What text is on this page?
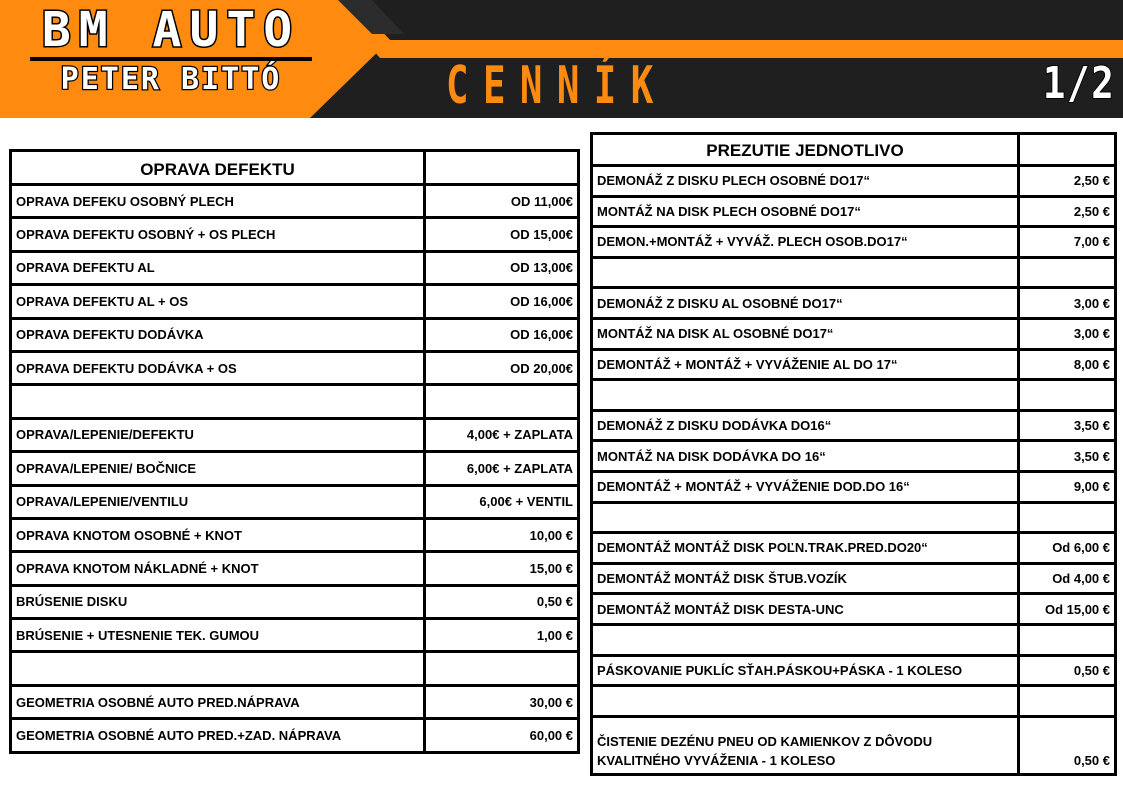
BM AUTO
PETER BITTÓ	CENNÍK	1/2
OPRAVA DEFEKTU	
OPRAVA DEFEKU OSOBNÝ PLECH	OD 11,00€
OPRAVA DEFEKTU OSOBNÝ + OS PLECH	OD 15,00€
OPRAVA DEFEKTU AL	OD 13,00€
OPRAVA DEFEKTU AL + OS	OD 16,00€
OPRAVA DEFEKTU DODÁVKA	OD 16,00€
OPRAVA DEFEKTU DODÁVKA + OS	OD 20,00€

OPRAVA/LEPENIE/DEFEKTU	4,00€ + ZAPLATA
OPRAVA/LEPENIE/ BOČNICE	6,00€ + ZAPLATA
OPRAVA/LEPENIE/VENTILU	6,00€ + VENTIL
OPRAVA KNOTOM OSOBNÉ + KNOT	10,00 €
OPRAVA KNOTOM NÁKLADNÉ + KNOT	15,00 €
BRÚSENIE DISKU	0,50 €
BRÚSENIE + UTESNENIE TEK. GUMOU	1,00 €

GEOMETRIA OSOBNÉ AUTO PRED.NÁPRAVA	30,00 €
GEOMETRIA OSOBNÉ AUTO PRED.+ZAD. NÁPRAVA	60,00 €
PREZUTIE JEDNOTLIVO	
DEMONÁŽ Z DISKU PLECH OSOBNÉ DO17“	2,50 €
MONTÁŽ NA DISK PLECH OSOBNÉ DO17“	2,50 €
DEMON.+MONTÁŽ + VYVÁŽ. PLECH OSOB.DO17“	7,00 €

DEMONÁŽ Z DISKU AL OSOBNÉ DO17“	3,00 €
MONTÁŽ NA DISK AL OSOBNÉ DO17“	3,00 €
DEMONTÁŽ + MONTÁŽ + VYVÁŽENIE AL DO 17“	8,00 €

DEMONÁŽ Z DISKU DODÁVKA DO16“	3,50 €
MONTÁŽ NA DISK DODÁVKA DO 16“	3,50 €
DEMONTÁŽ + MONTÁŽ + VYVÁŽENIE DOD.DO 16“	9,00 €

DEMONTÁŽ MONTÁŽ DISK POĽN.TRAK.PRED.DO20“	Od 6,00 €
DEMONTÁŽ MONTÁŽ DISK ŠTUB.VOZÍK	Od 4,00 €
DEMONTÁŽ MONTÁŽ DISK DESTA-UNC	Od 15,00 €

PÁSKOVANIE PUKLÍC SŤAH.PÁSKOU+PÁSKA - 1 KOLESO	0,50 €

ČISTENIE DEZÉNU PNEU OD KAMIENKOV Z DÔVODU KVALITNÉHO VYVÁŽENIA - 1 KOLESO	0,50 €
